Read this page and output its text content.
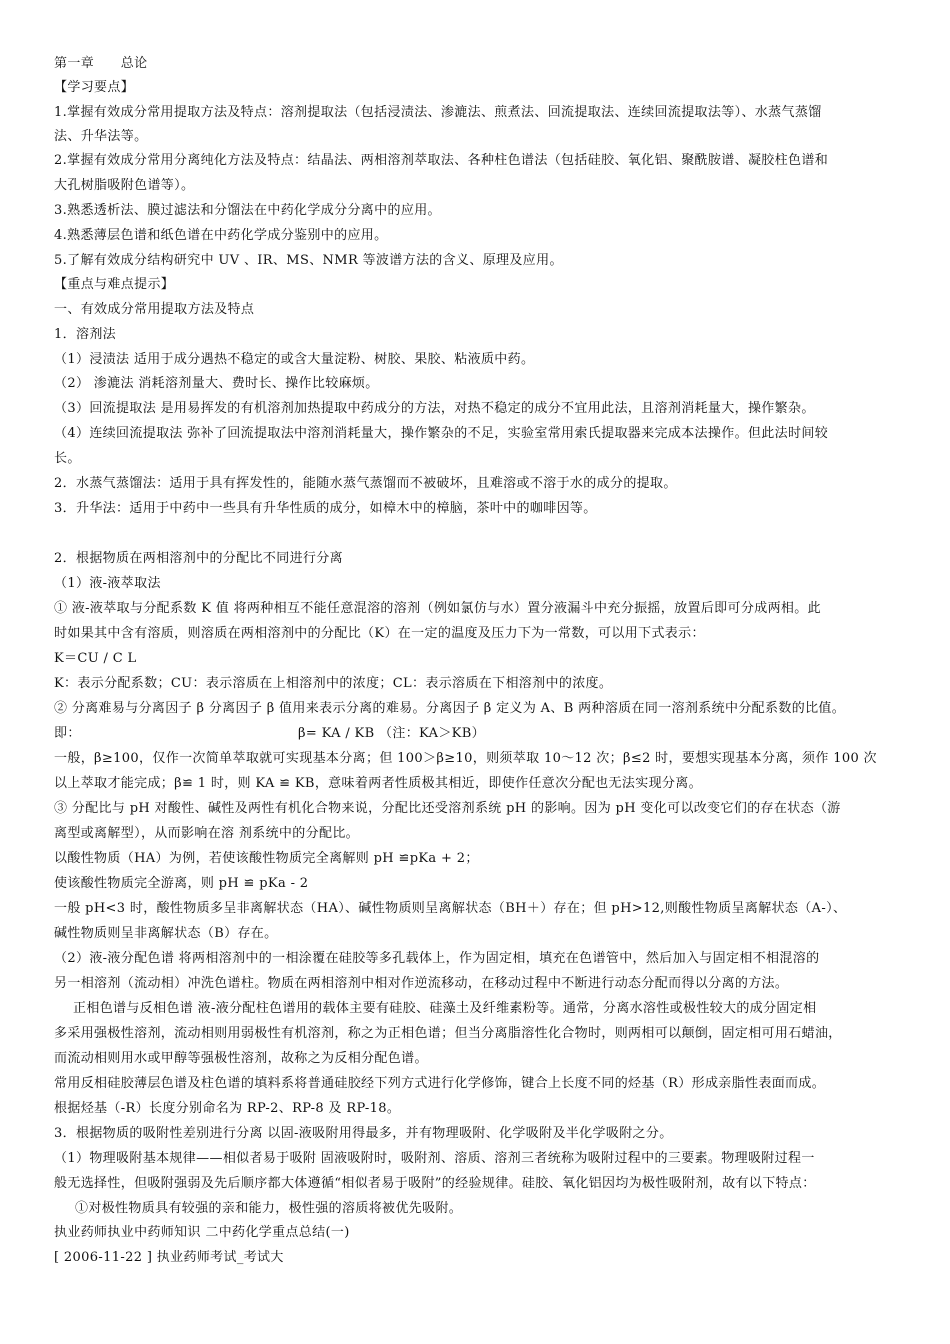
第一章　　总论
【学习要点】
1.掌握有效成分常用提取方法及特点：溶剂提取法（包括浸渍法、渗漉法、煎煮法、回流提取法、连续回流提取法等）、水蒸气蒸馏
法、升华法等。
2.掌握有效成分常用分离纯化方法及特点：结晶法、两相溶剂萃取法、各种柱色谱法（包括硅胶、氧化铝、聚酰胺谱、凝胶柱色谱和
大孔树脂吸附色谱等）。
3.熟悉透析法、膜过滤法和分馏法在中药化学成分分离中的应用。
4.熟悉薄层色谱和纸色谱在中药化学成分鉴别中的应用。
5.了解有效成分结构研究中 UV 、IR、MS、NMR 等波谱方法的含义、原理及应用。
【重点与难点提示】
一、有效成分常用提取方法及特点
1．溶剂法
（1）浸渍法 适用于成分遇热不稳定的或含大量淀粉、树胶、果胶、粘液质中药。
（2） 渗漉法 消耗溶剂量大、费时长、操作比较麻烦。
（3）回流提取法 是用易挥发的有机溶剂加热提取中药成分的方法，对热不稳定的成分不宜用此法，且溶剂消耗量大，操作繁杂。
（4）连续回流提取法 弥补了回流提取法中溶剂消耗量大，操作繁杂的不足，实验室常用索氏提取器来完成本法操作。但此法时间较
长。
2．水蒸气蒸馏法：适用于具有挥发性的，能随水蒸气蒸馏而不被破坏，且难溶或不溶于水的成分的提取。
3．升华法：适用于中药中一些具有升华性质的成分，如樟木中的樟脑，茶叶中的咖啡因等。
2．根据物质在两相溶剂中的分配比不同进行分离
（1）液-液萃取法
① 液-液萃取与分配系数 K 值 将两种相互不能任意混溶的溶剂（例如氯仿与水）置分液漏斗中充分振摇，放置后即可分成两相。此
时如果其中含有溶质，则溶质在两相溶剂中的分配比（K）在一定的温度及压力下为一常数，可以用下式表示：
K＝CU / C L
K：表示分配系数；CU：表示溶质在上相溶剂中的浓度；CL：表示溶质在下相溶剂中的浓度。
② 分离难易与分离因子 β 分离因子 β 值用来表示分离的难易。分离因子 β 定义为 A、B 两种溶质在同一溶剂系统中分配系数的比值。
即：	β= KA / KB （注：KA＞KB）
一般，β≥100，仅作一次简单萃取就可实现基本分离；但 100＞β≥10，则须萃取 10～12 次；β≤2 时，要想实现基本分离，须作 100 次
以上萃取才能完成；β≌ 1 时，则 KA ≌ KB，意味着两者性质极其相近，即使作任意次分配也无法实现分离。
③ 分配比与 pH 对酸性、碱性及两性有机化合物来说，分配比还受溶剂系统 pH 的影响。因为 pH 变化可以改变它们的存在状态（游
离型或离解型），从而影响在溶 剂系统中的分配比。
以酸性物质（HA）为例，若使该酸性物质完全离解则 pH ≌pKa + 2；
使该酸性物质完全游离，则 pH ≌ pKa - 2
一般 pH<3 时，酸性物质多呈非离解状态（HA）、碱性物质则呈离解状态（BH＋）存在；但 pH>12,则酸性物质呈离解状态（A-）、
碱性物质则呈非离解状态（B）存在。
（2）液-液分配色谱 将两相溶剂中的一相涂覆在硅胶等多孔载体上，作为固定相，填充在色谱管中，然后加入与固定相不相混溶的
另一相溶剂（流动相）冲洗色谱柱。物质在两相溶剂中相对作逆流移动，在移动过程中不断进行动态分配而得以分离的方法。
正相色谱与反相色谱 液-液分配柱色谱用的载体主要有硅胶、硅藻土及纤维素粉等。通常，分离水溶性或极性较大的成分固定相
多采用强极性溶剂，流动相则用弱极性有机溶剂，称之为正相色谱；但当分离脂溶性化合物时，则两相可以颠倒，固定相可用石蜡油，
而流动相则用水或甲醇等强极性溶剂，故称之为反相分配色谱。
常用反相硅胶薄层色谱及柱色谱的填料系将普通硅胶经下列方式进行化学修饰，键合上长度不同的烃基（R）形成亲脂性表面而成。
根据烃基（-R）长度分别命名为 RP-2、RP-8 及 RP-18。
3．根据物质的吸附性差别进行分离 以固-液吸附用得最多，并有物理吸附、化学吸附及半化学吸附之分。
（1）物理吸附基本规律——相似者易于吸附 固液吸附时，吸附剂、溶质、溶剂三者统称为吸附过程中的三要素。物理吸附过程一
般无选择性，但吸附强弱及先后顺序都大体遵循“相似者易于吸附”的经验规律。硅胶、氧化铝因均为极性吸附剂，故有以下特点：
①对极性物质具有较强的亲和能力，极性强的溶质将被优先吸附。
执业药师执业中药师知识 二中药化学重点总结(一)
[ 2006-11-22 ] 执业药师考试_考试大
